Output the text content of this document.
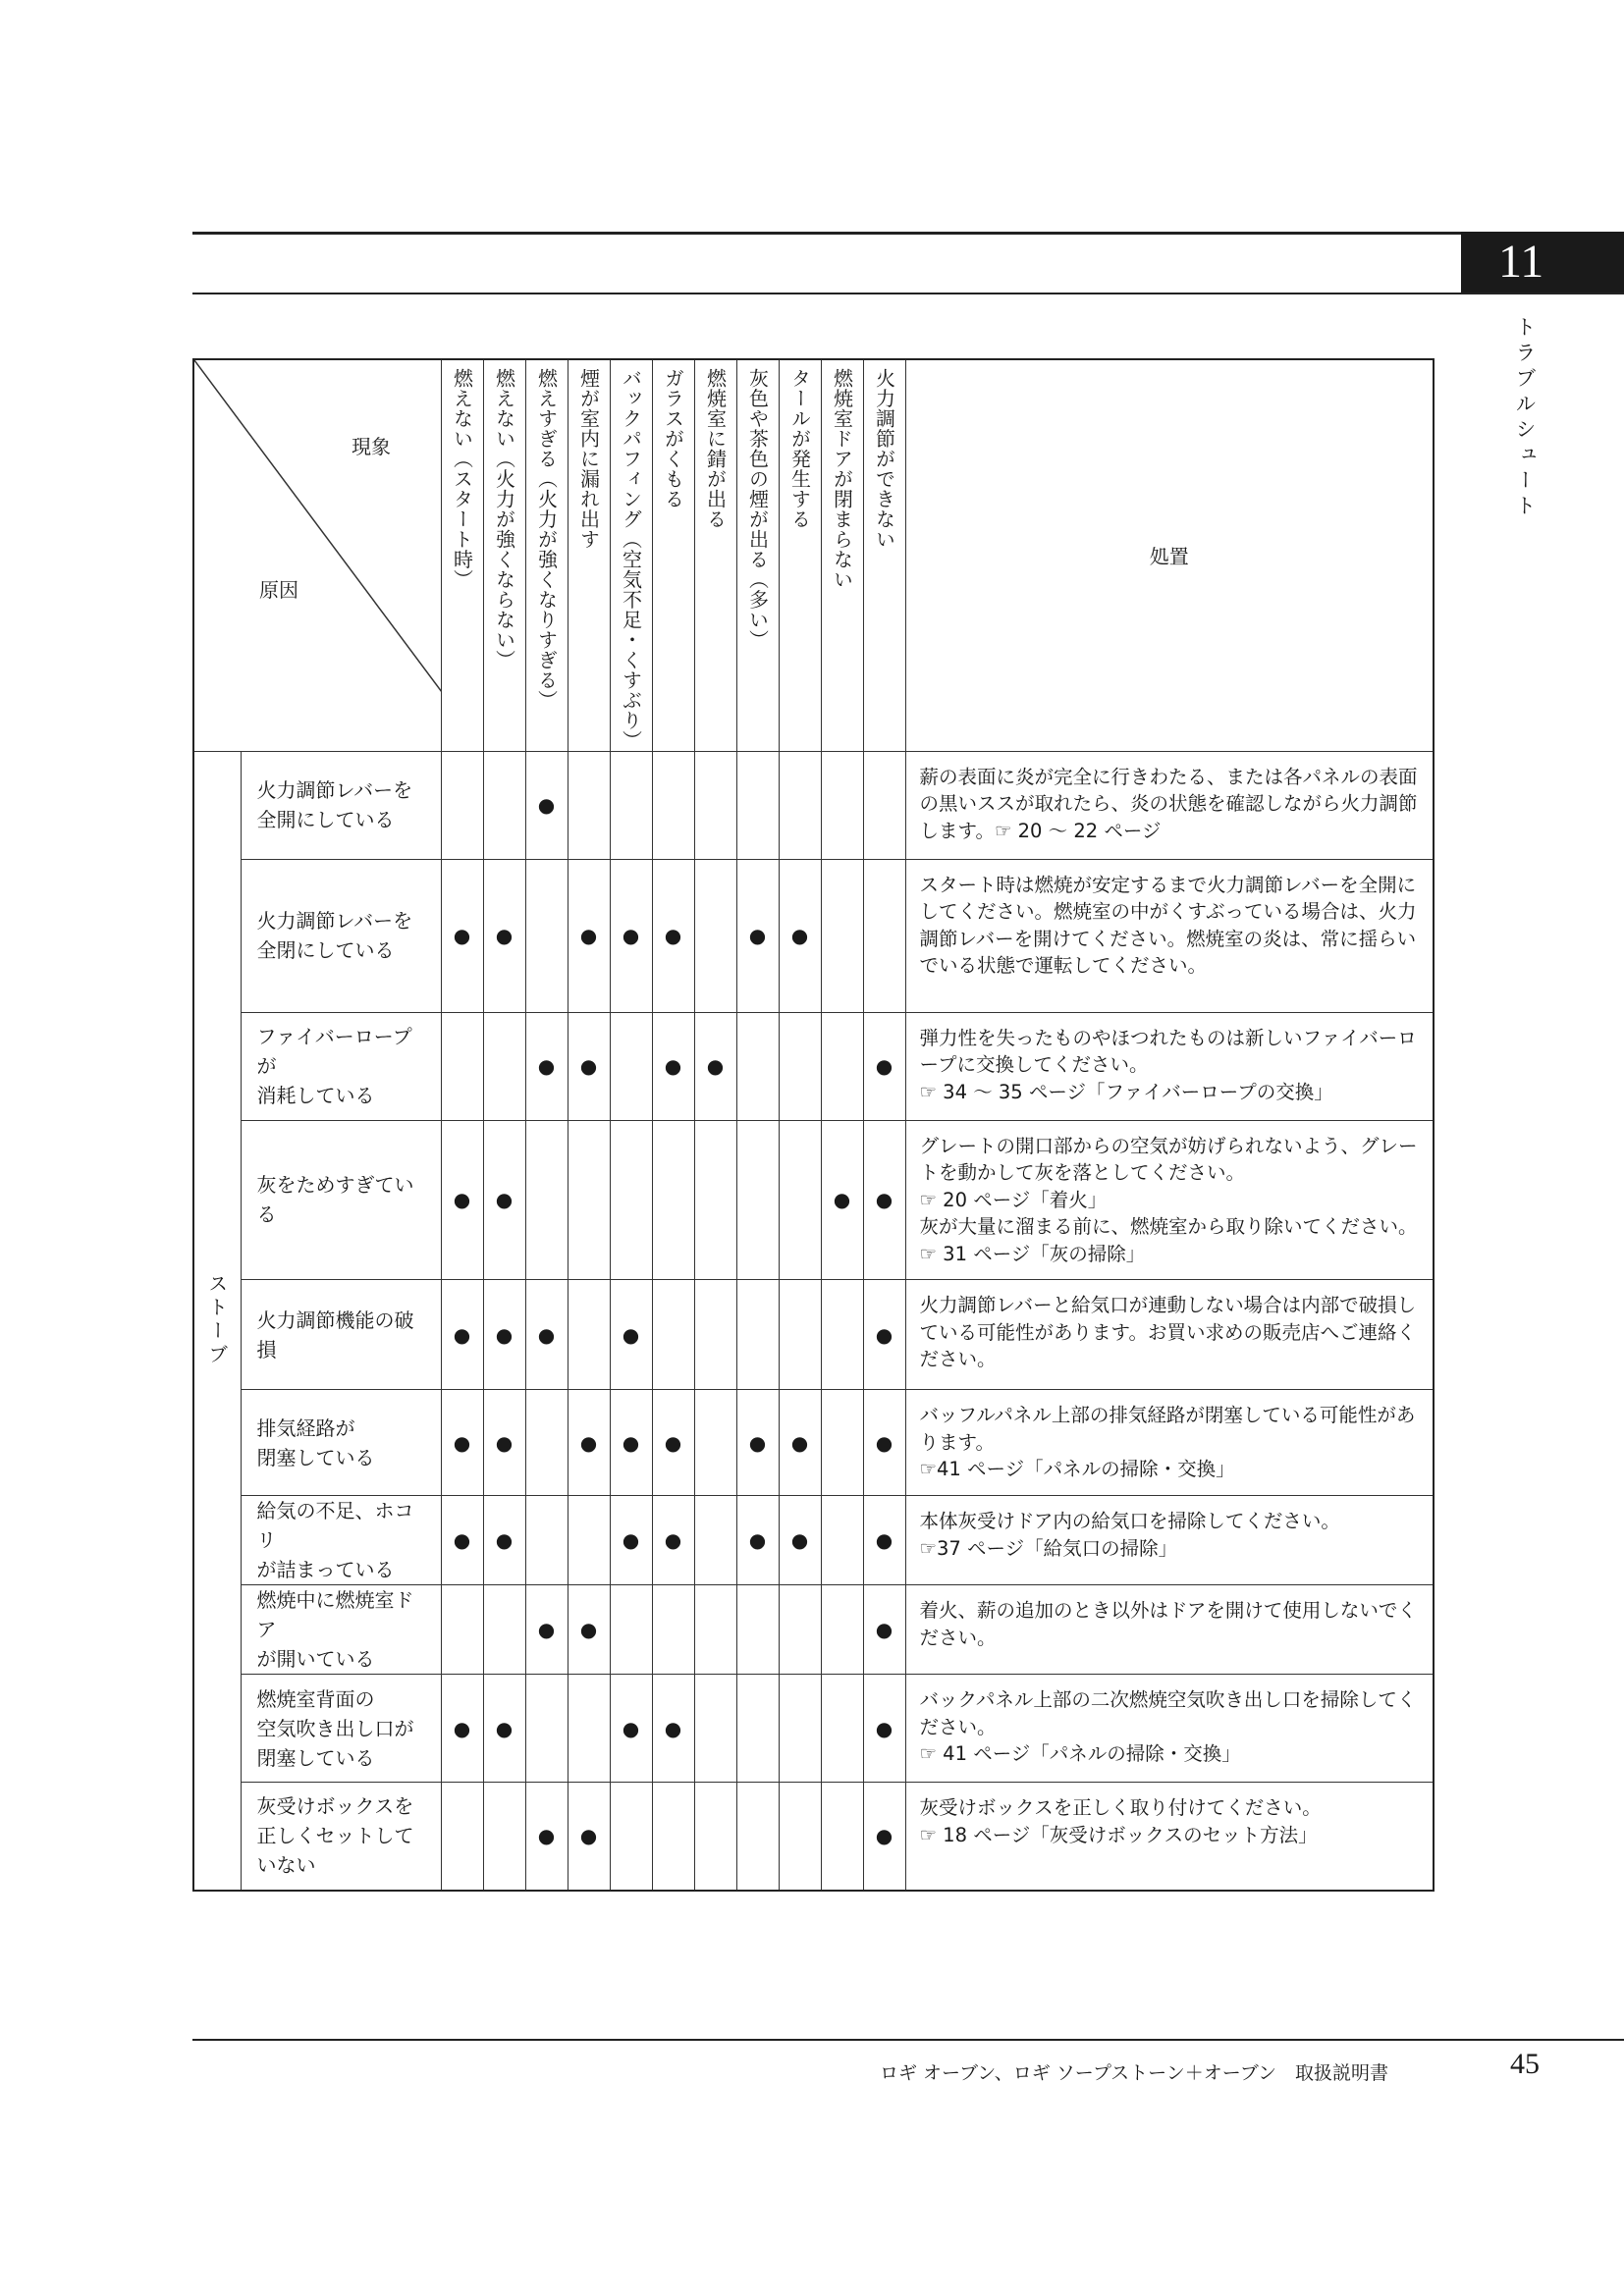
11
トラブルシュート
現象
原因		燃えない（スタート時）	燃えない（火力が強くならない）	燃えすぎる（火力が強くなりすぎる）	煙が室内に漏れ出す	バックパフィング（空気不足・くすぶり）	ガラスがくもる	燃焼室に錆が出る	灰色や茶色の煙が出る（多い）	タールが発生する	燃焼室ドアが閉まらない	火力調節ができない	処置

ストーブ	火力調節レバーを
全開にしている			●									薪の表面に炎が完全に行きわたる、または各パネルの表面の黒いススが取れたら、炎の状態を確認しながら火力調節します。☞ 20 ～ 22 ページ
	火力調節レバーを
全閉にしている	●	●		●	●	●		●	●			スタート時は燃焼が安定するまで火力調節レバーを全開にしてください。燃焼室の中がくすぶっている場合は、火力調節レバーを開けてください。燃焼室の炎は、常に揺らいでいる状態で運転してください。
	ファイバーロープが
消耗している			●	●		●	●				●	弾力性を失ったものやほつれたものは新しいファイバーロープに交換してください。
☞ 34 ～ 35 ページ「ファイバーロープの交換」
	灰をためすぎている	●	●								●	●	グレートの開口部からの空気が妨げられないよう、グレートを動かして灰を落としてください。
☞ 20 ページ「着火」
灰が大量に溜まる前に、燃焼室から取り除いてください。
☞ 31 ページ「灰の掃除」
	火力調節機能の破損	●	●	●		●						●	火力調節レバーと給気口が連動しない場合は内部で破損している可能性があります。お買い求めの販売店へご連絡ください。
	排気経路が
閉塞している	●	●		●	●	●		●	●		●	バッフルパネル上部の排気経路が閉塞している可能性があります。
☞41 ページ「パネルの掃除・交換」
	給気の不足、ホコリ
が詰まっている	●	●			●	●		●	●		●	本体灰受けドア内の給気口を掃除してください。
☞37 ページ「給気口の掃除」
	燃焼中に燃焼室ドア
が開いている			●	●							●	着火、薪の追加のとき以外はドアを開けて使用しないでください。
	燃焼室背面の
空気吹き出し口が
閉塞している	●	●			●	●					●	バックパネル上部の二次燃焼空気吹き出し口を掃除してください。
☞ 41 ページ「パネルの掃除・交換」
	灰受けボックスを
正しくセットして
いない			●	●							●	灰受けボックスを正しく取り付けてください。
☞ 18 ページ「灰受けボックスのセット方法」
ロギ オーブン、ロギ ソープストーン＋オーブン　取扱説明書	45
